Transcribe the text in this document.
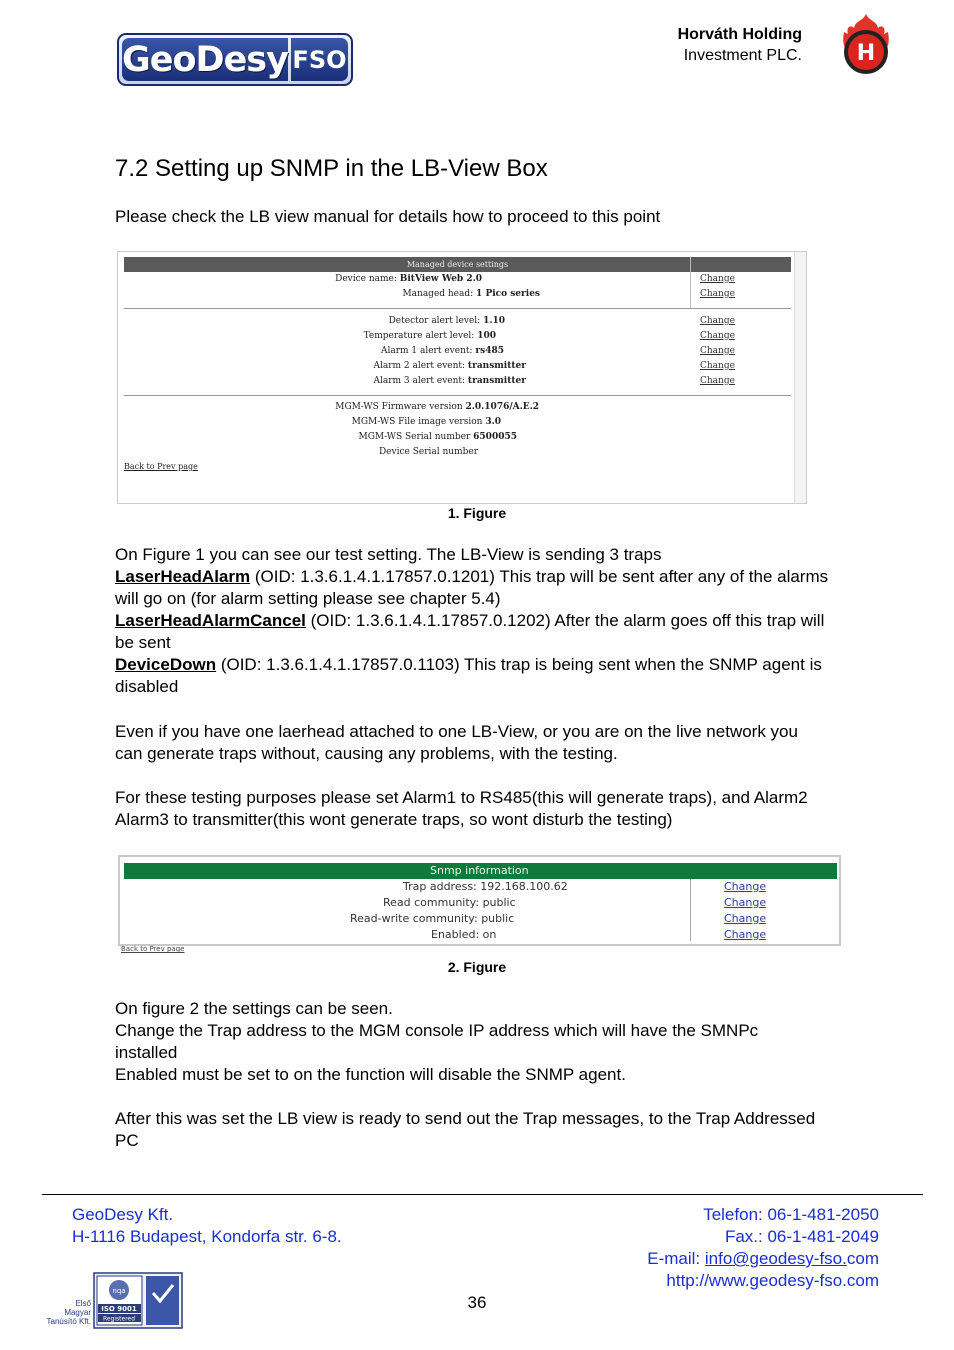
GeoDesy FSO
Horváth Holding
Investment PLC. H
7.2 Setting up SNMP in the LB-View Box
Please check the LB view manual for details how to proceed to this point
Managed device settings
Device name: BitView Web 2.0	Change
Managed head: 1 Pico series	Change
Detector alert level: 1.10	Change
Temperature alert level: 100	Change
Alarm 1 alert event: rs485	Change
Alarm 2 alert event: transmitter	Change
Alarm 3 alert event: transmitter	Change
MGM-WS Firmware version 2.0.1076/A.E.2
MGM-WS File image version 3.0
MGM-WS Serial number 6500055
Device Serial number
Back to Prev page
1. Figure
On Figure 1 you can see our test setting. The LB-View is sending 3 traps
LaserHeadAlarm (OID: 1.3.6.1.4.1.17857.0.1201) This trap will be sent after any of the alarms will go on (for alarm setting please see chapter 5.4)
LaserHeadAlarmCancel (OID: 1.3.6.1.4.1.17857.0.1202) After the alarm goes off this trap will be sent
DeviceDown (OID: 1.3.6.1.4.1.17857.0.1103) This trap is being sent when the SNMP agent is disabled
Even if you have one laerhead attached to one LB-View, or you are on the live network you can generate traps without, causing any problems, with the testing.
For these testing purposes please set Alarm1 to RS485(this will generate traps), and Alarm2 Alarm3 to transmitter(this wont generate traps, so wont disturb the testing)
Snmp information
Trap address: 192.168.100.62	Change
Read community: public	Change
Read-write community: public	Change
Enabled: on	Change
Back to Prev page
2. Figure
On figure 2 the settings can be seen.
Change the Trap address to the MGM console IP address which will have the SMNPc installed
Enabled must be set to on the function will disable the SNMP agent.
After this was set the LB view is ready to send out the Trap messages, to the Trap Addressed PC
GeoDesy Kft.
H-1116 Budapest, Kondorfa str. 6-8.
Telefon: 06-1-481-2050
Fax.: 06-1-481-2049
E-mail: info@geodesy-fso.com
http://www.geodesy-fso.com
36
nqa
ISO 9001
Registered
Első
Magyar
Tanúsító Kft.
